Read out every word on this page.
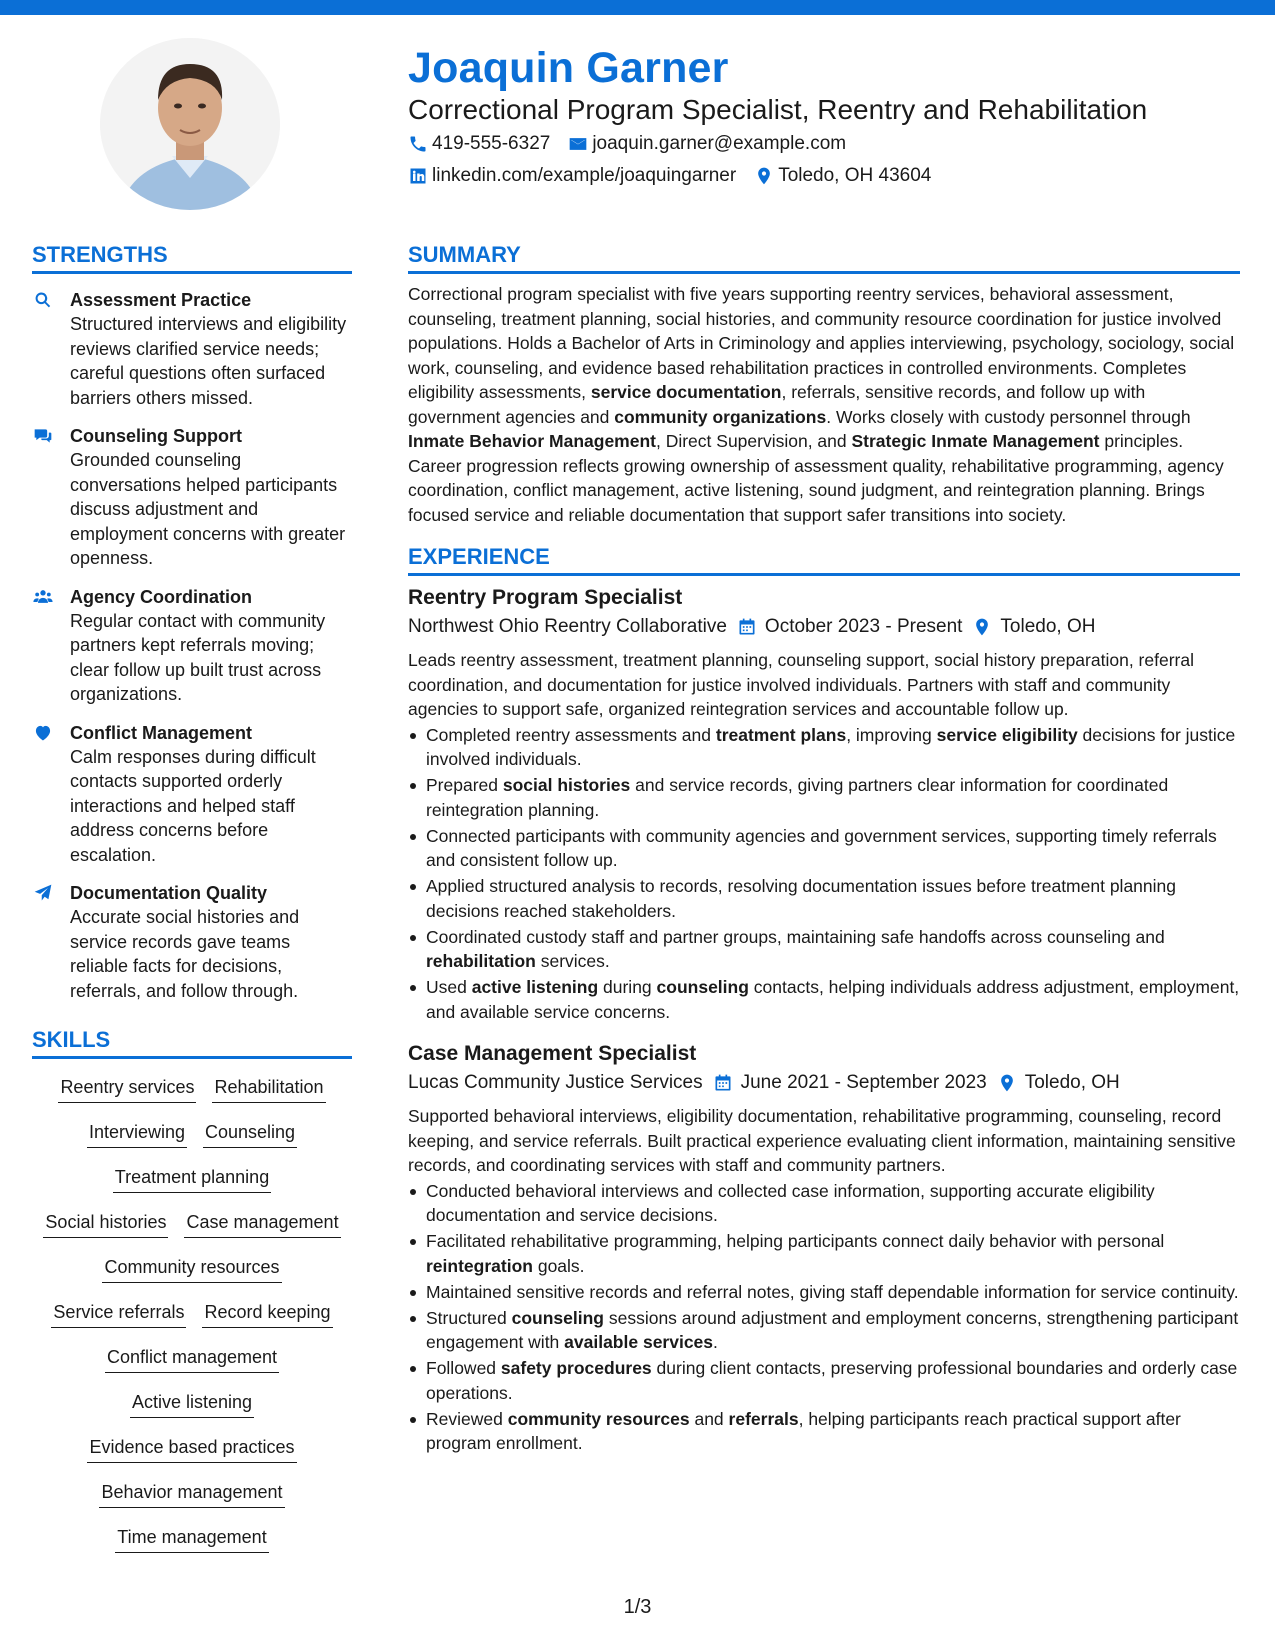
Joaquin Garner
Correctional Program Specialist, Reentry and Rehabilitation
419-555-6327 joaquin.garner@example.com
linkedin.com/example/joaquingarner Toledo, OH 43604
STRENGTHS
Assessment Practice
Structured interviews and eligibility reviews clarified service needs; careful questions often surfaced barriers others missed.
Counseling Support
Grounded counseling conversations helped participants discuss adjustment and employment concerns with greater openness.
Agency Coordination
Regular contact with community partners kept referrals moving; clear follow up built trust across organizations.
Conflict Management
Calm responses during difficult contacts supported orderly interactions and helped staff address concerns before escalation.
Documentation Quality
Accurate social histories and service records gave teams reliable facts for decisions, referrals, and follow through.
SKILLS
Reentry services Rehabilitation
Interviewing Counseling
Treatment planning
Social histories Case management
Community resources
Service referrals Record keeping
Conflict management
Active listening
Evidence based practices
Behavior management
Time management
SUMMARY
Correctional program specialist with five years supporting reentry services, behavioral assessment, counseling, treatment planning, social histories, and community resource coordination for justice involved populations. Holds a Bachelor of Arts in Criminology and applies interviewing, psychology, sociology, social work, counseling, and evidence based rehabilitation practices in controlled environments. Completes eligibility assessments, service documentation, referrals, sensitive records, and follow up with government agencies and community organizations. Works closely with custody personnel through Inmate Behavior Management, Direct Supervision, and Strategic Inmate Management principles. Career progression reflects growing ownership of assessment quality, rehabilitative programming, agency coordination, conflict management, active listening, sound judgment, and reintegration planning. Brings focused service and reliable documentation that support safer transitions into society.
EXPERIENCE
Reentry Program Specialist
Northwest Ohio Reentry Collaborative October 2023 - Present Toledo, OH
Leads reentry assessment, treatment planning, counseling support, social history preparation, referral coordination, and documentation for justice involved individuals. Partners with staff and community agencies to support safe, organized reintegration services and accountable follow up.
Completed reentry assessments and treatment plans, improving service eligibility decisions for justice involved individuals.
Prepared social histories and service records, giving partners clear information for coordinated reintegration planning.
Connected participants with community agencies and government services, supporting timely referrals and consistent follow up.
Applied structured analysis to records, resolving documentation issues before treatment planning decisions reached stakeholders.
Coordinated custody staff and partner groups, maintaining safe handoffs across counseling and rehabilitation services.
Used active listening during counseling contacts, helping individuals address adjustment, employment, and available service concerns.
Case Management Specialist
Lucas Community Justice Services June 2021 - September 2023 Toledo, OH
Supported behavioral interviews, eligibility documentation, rehabilitative programming, counseling, record keeping, and service referrals. Built practical experience evaluating client information, maintaining sensitive records, and coordinating services with staff and community partners.
Conducted behavioral interviews and collected case information, supporting accurate eligibility documentation and service decisions.
Facilitated rehabilitative programming, helping participants connect daily behavior with personal reintegration goals.
Maintained sensitive records and referral notes, giving staff dependable information for service continuity.
Structured counseling sessions around adjustment and employment concerns, strengthening participant engagement with available services.
Followed safety procedures during client contacts, preserving professional boundaries and orderly case operations.
Reviewed community resources and referrals, helping participants reach practical support after program enrollment.
1/3
